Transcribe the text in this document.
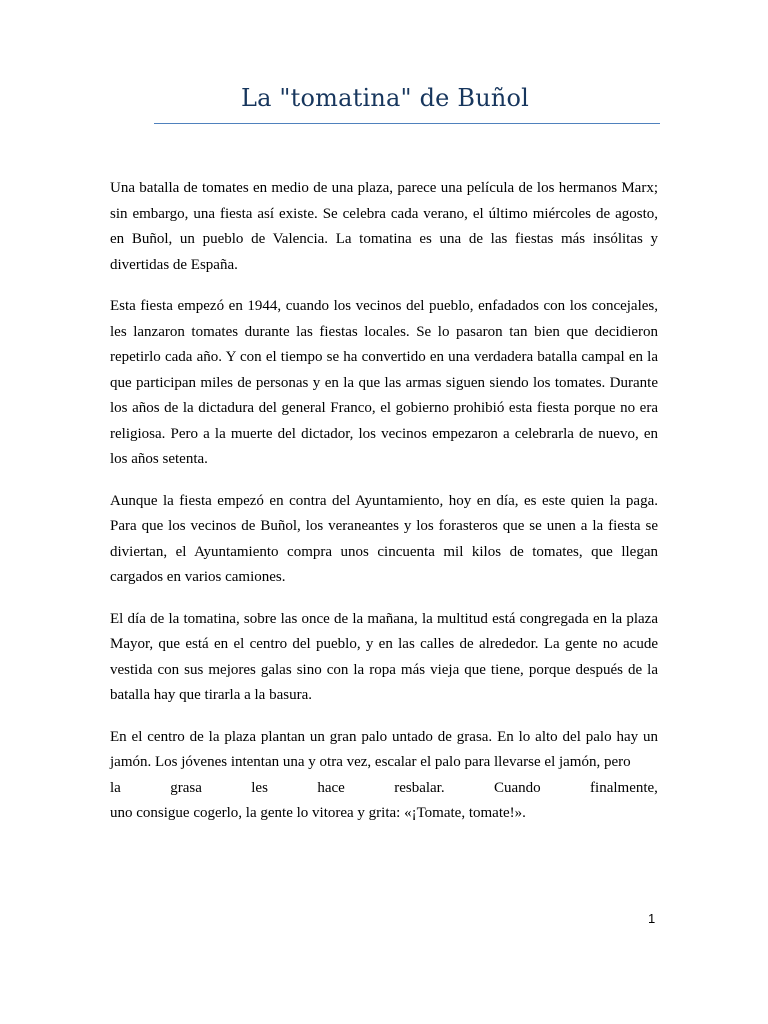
La "tomatina" de Buñol

Una batalla de tomates en medio de una plaza, parece una película de los hermanos Marx; sin embargo, una fiesta así existe. Se celebra cada verano, el último miércoles de agosto, en Buñol, un pueblo de Valencia. La tomatina es una de las fiestas más insólitas y divertidas de España.

Esta fiesta empezó en 1944, cuando los vecinos del pueblo, enfadados con los concejales, les lanzaron tomates durante las fiestas locales. Se lo pasaron tan bien que decidieron repetirlo cada año. Y con el tiempo se ha convertido en una verdadera batalla campal en la que participan miles de personas y en la que las armas siguen siendo los tomates. Durante los años de la dictadura del general Franco, el gobierno prohibió esta fiesta porque no era religiosa. Pero a la muerte del dictador, los vecinos empezaron a celebrarla de nuevo, en los años setenta.

Aunque la fiesta empezó en contra del Ayuntamiento, hoy en día, es este quien la paga. Para que los vecinos de Buñol, los veraneantes y los forasteros que se unen a la fiesta se diviertan, el Ayuntamiento compra unos cincuenta mil kilos de tomates, que llegan cargados en varios camiones.

El día de la tomatina, sobre las once de la mañana, la multitud está congregada en la plaza Mayor, que está en el centro del pueblo, y en las calles de alrededor. La gente no acude vestida con sus mejores galas sino con la ropa más vieja que tiene, porque después de la batalla hay que tirarla a la basura.

En el centro de la plaza plantan un gran palo untado de grasa. En lo alto del palo hay un jamón. Los jóvenes intentan una y otra vez, escalar el palo para llevarse el jamón, pero
la	grasa	les	hace	resbalar.	Cuando	finalmente,
uno consigue cogerlo, la gente lo vitorea y grita: «¡Tomate, tomate!».
1
